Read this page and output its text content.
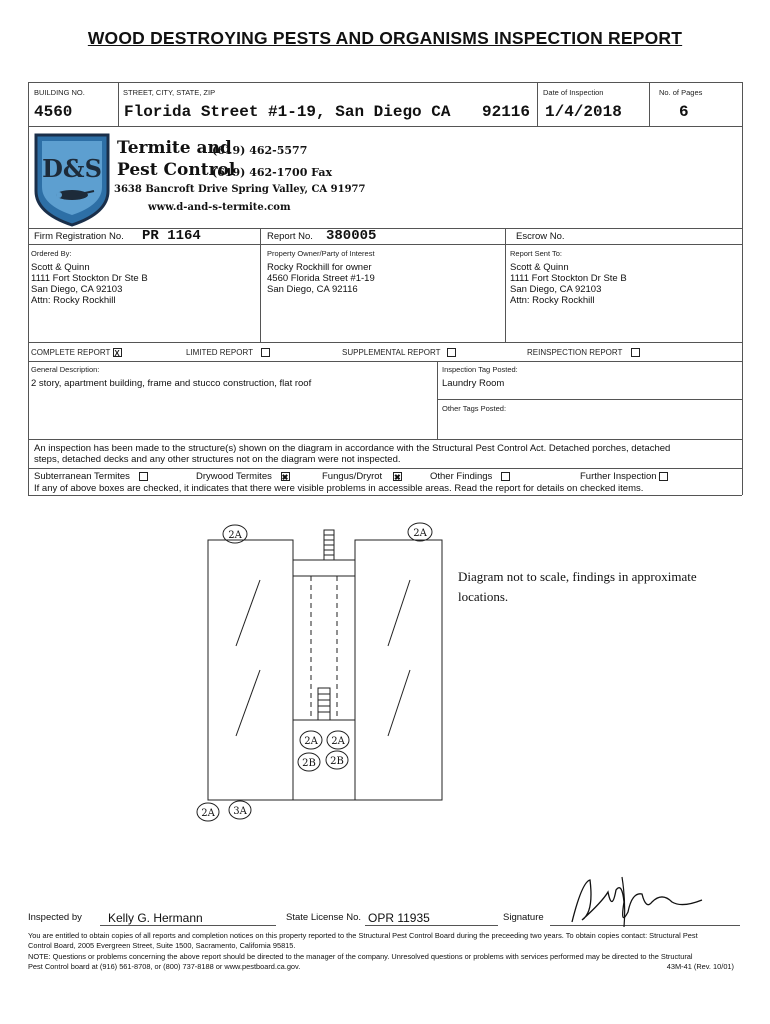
WOOD DESTROYING PESTS AND ORGANISMS INSPECTION REPORT
BUILDING NO.	STREET, CITY, STATE, ZIP	Date of Inspection	No. of Pages
4560	Florida Street #1-19, San Diego CA 92116 1/4/2018	6
D&S
Termite and
Pest Control
(619) 462-5577
(619) 462-1700 Fax
3638 Bancroft Drive Spring Valley, CA 91977
www.d-and-s-termite.com
Firm Registration No. PR 1164	Report No. 380005	Escrow No.
Ordered By:
Scott & Quinn
1111 Fort Stockton Dr Ste B
San Diego, CA 92103
Attn: Rocky Rockhill
Property Owner/Party of Interest
Rocky Rockhill for owner
4560 Florida Street #1-19
San Diego, CA 92116
Report Sent To:
Scott & Quinn
1111 Fort Stockton Dr Ste B
San Diego, CA 92103
Attn: Rocky Rockhill
COMPLETE REPORT X	LIMITED REPORT	SUPPLEMENTAL REPORT	REINSPECTION REPORT
General Description:
2 story, apartment building, frame and stucco construction, flat roof
Inspection Tag Posted:
Laundry Room
Other Tags Posted:
An inspection has been made to the structure(s) shown on the diagram in accordance with the Structural Pest Control Act. Detached porches, detached
steps, detached decks and any other structures not on the diagram were not inspected.
Subterranean Termites	Drywood Termites ✖	Fungus/Dryrot ✖	Other Findings	Further Inspection
If any of above boxes are checked, it indicates that there were visible problems in accessible areas. Read the report for details on checked items.
2A	2A
2A 2A
2B 2B
2A 3A
Diagram not to scale, findings in approximate
locations.
Inspected by Kelly G. Hermann	State License No. OPR 11935	Signature
You are entitled to obtain copies of all reports and completion notices on this property reported to the Structural Pest Control Board during the preceeding two years. To obtain copies contact: Structural Pest
Control Board, 2005 Evergreen Street, Suite 1500, Sacramento, California 95815.
NOTE: Questions or problems concerning the above report should be directed to the manager of the company. Unresolved questions or problems with services performed may be directed to the Structural
Pest Control board at (916) 561-8708, or (800) 737-8188 or www.pestboard.ca.gov.	43M-41 (Rev. 10/01)
